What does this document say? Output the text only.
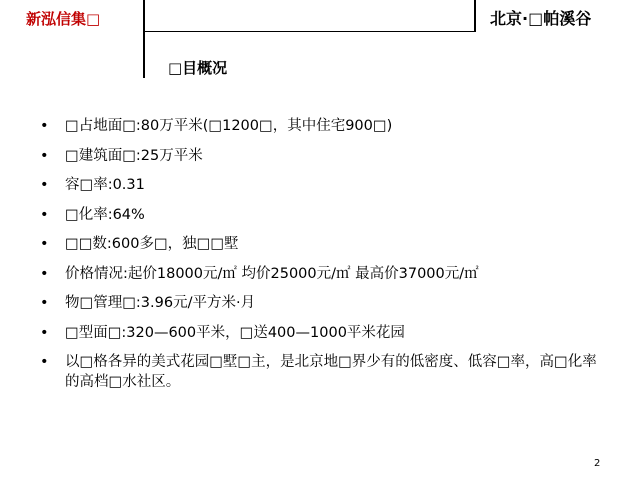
新泓信集□	北京·□帕溪谷
□目概况
• □占地面□:80万平米(□1200□，其中住宅900□)
• □建筑面□:25万平米
• 容□率:0.31
• □化率:64%
• □□数:600多□，独□□墅
• 价格情况:起价18000元/㎡ 均价25000元/㎡ 最高价37000元/㎡
• 物□管理□:3.96元/平方米·月
• □型面□:320—600平米，□送400—1000平米花园
• 以□格各异的美式花园□墅□主，是北京地□界少有的低密度、低容□率，高□化率的高档□水社区。
2
